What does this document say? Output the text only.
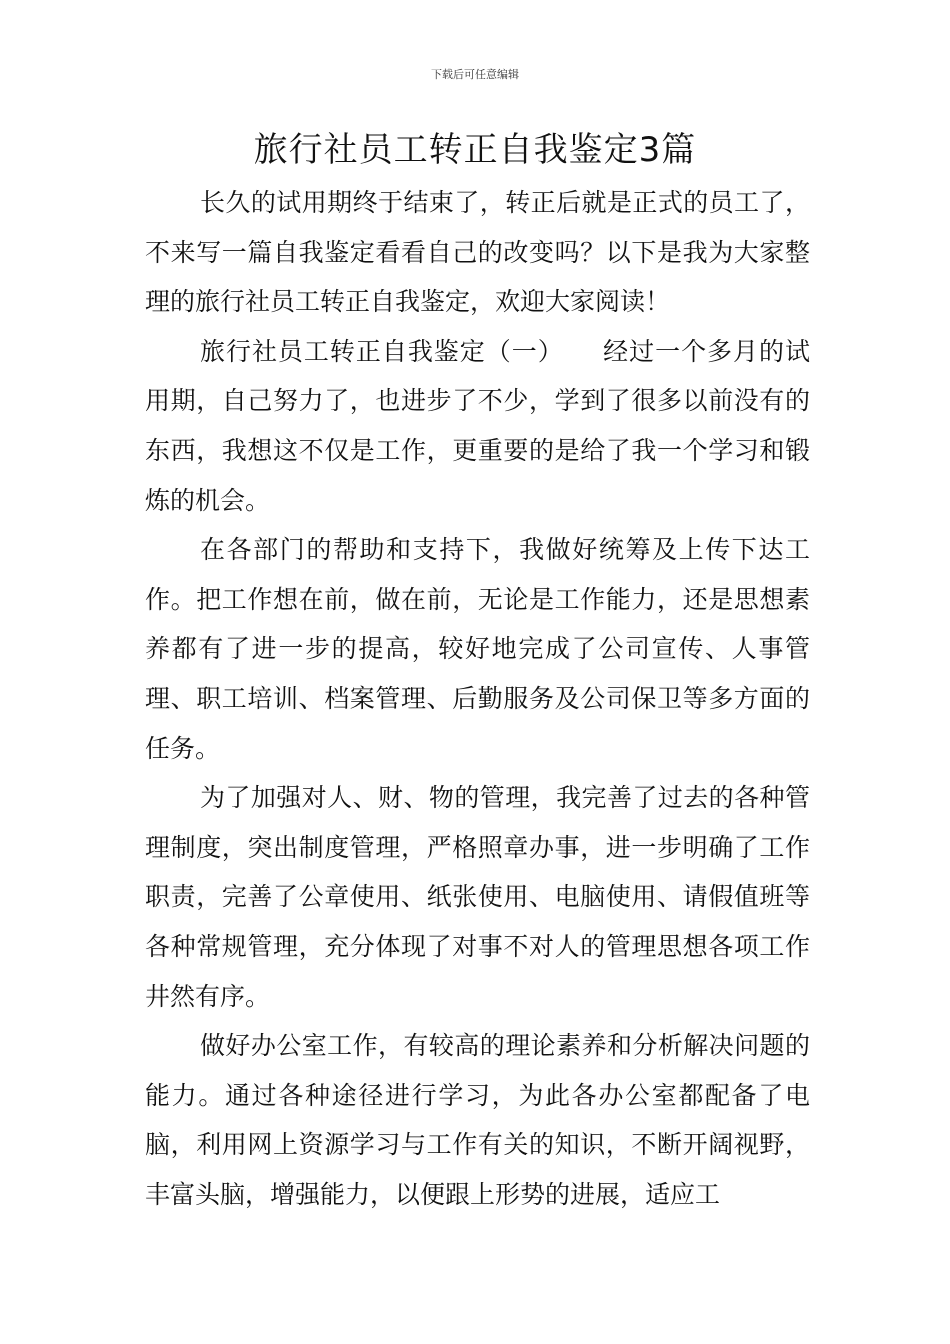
下载后可任意编辑
旅行社员工转正自我鉴定3篇

长久的试用期终于结束了，转正后就是正式的员工了，不来写一篇自我鉴定看看自己的改变吗？以下是我为大家整理的旅行社员工转正自我鉴定，欢迎大家阅读！

旅行社员工转正自我鉴定（一）　　经过一个多月的试用期，自己努力了，也进步了不少，学到了很多以前没有的东西，我想这不仅是工作，更重要的是给了我一个学习和锻炼的机会。

在各部门的帮助和支持下，我做好统筹及上传下达工作。把工作想在前，做在前，无论是工作能力，还是思想素养都有了进一步的提高，较好地完成了公司宣传、人事管理、职工培训、档案管理、后勤服务及公司保卫等多方面的任务。

为了加强对人、财、物的管理，我完善了过去的各种管理制度，突出制度管理，严格照章办事，进一步明确了工作职责，完善了公章使用、纸张使用、电脑使用、请假值班等各种常规管理，充分体现了对事不对人的管理思想各项工作井然有序。

做好办公室工作，有较高的理论素养和分析解决问题的能力。通过各种途径进行学习，为此各办公室都配备了电脑，利用网上资源学习与工作有关的知识，不断开阔视野，丰富头脑，增强能力，以便跟上形势的进展，适应工
